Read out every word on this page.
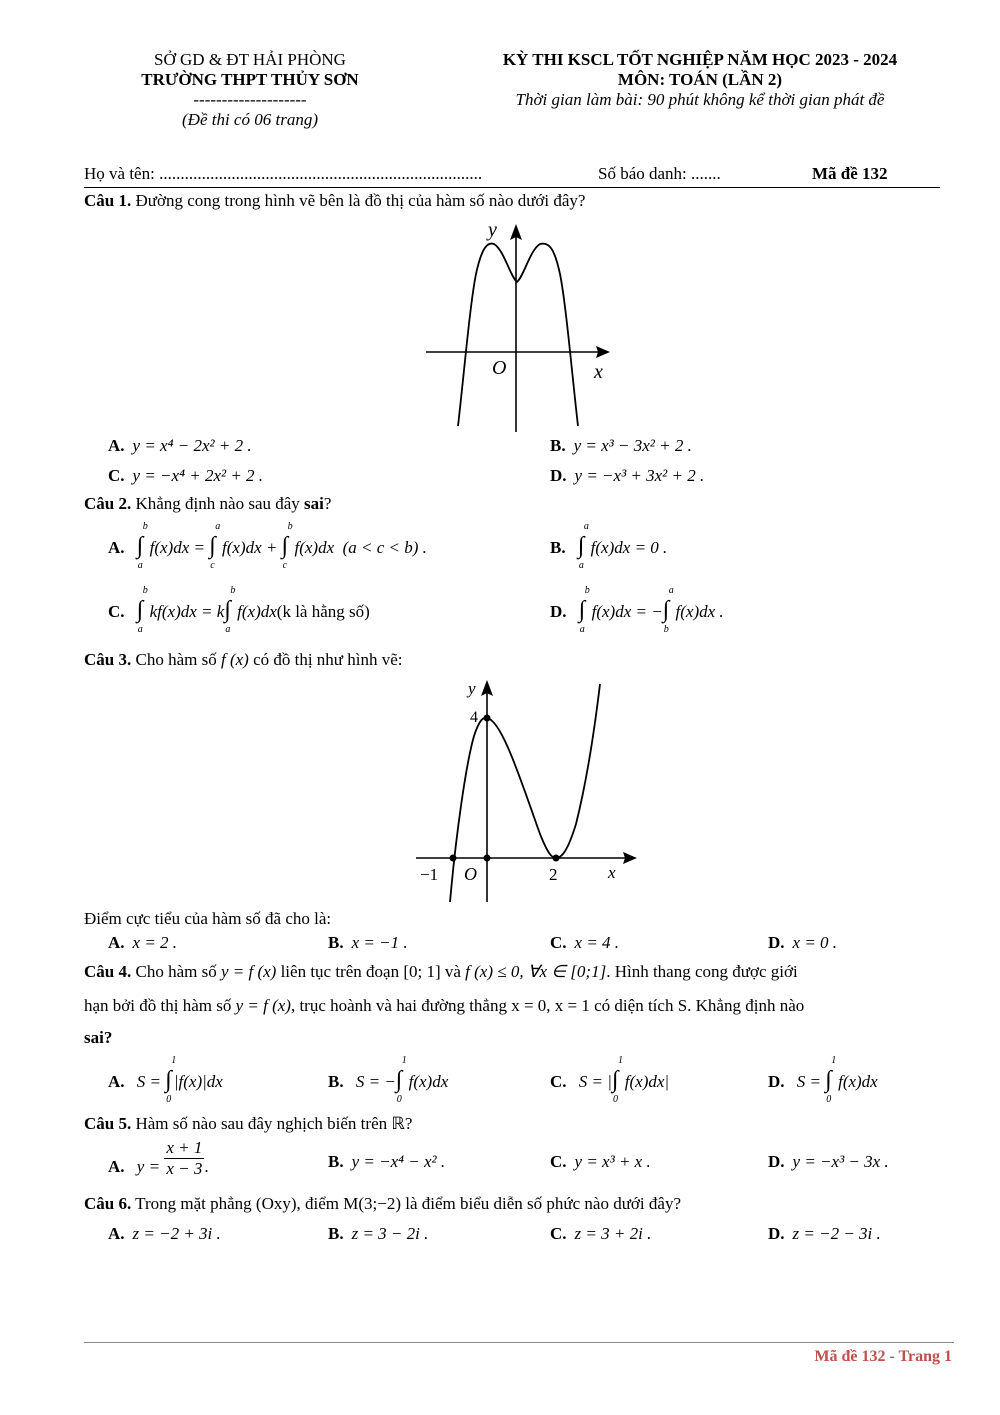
SỞ GD & ĐT HẢI PHÒNG
TRƯỜNG THPT THỦY SƠN
--------------------
(Đề thi có 06 trang)
KỲ THI KSCL TỐT NGHIỆP NĂM HỌC 2023 - 2024
MÔN: TOÁN (LẦN 2)
Thời gian làm bài: 90 phút không kể thời gian phát đề
Họ và tên: ............................................................................	Số báo danh: .......	Mã đề 132
Câu 1. Đường cong trong hình vẽ bên là đồ thị của hàm số nào dưới đây?
y
x
O
A. y = x⁴ − 2x² + 2 .	B. y = x³ − 3x² + 2 .
C. y = −x⁴ + 2x² + 2 .	D. y = −x³ + 3x² + 2 .
Câu 2. Khẳng định nào sau đây sai?
A. ∫
b
a
f(x)dx = ∫
a
c
f(x)dx + ∫
b
c
f(x)dx  (a < c < b) .	B. ∫
a
a
f(x)dx = 0 .
C. ∫
b
a
kf(x)dx = k∫
b
a
f(x)dx(k là hằng số)	D. ∫
b
a
f(x)dx = −∫
a
b
f(x)dx .
Câu 3. Cho hàm số f (x) có đồ thị như hình vẽ:
y
4
−1 O	2	x
Điểm cực tiểu của hàm số đã cho là:
A. x = 2 .	B. x = −1 .	C. x = 4 .	D. x = 0 .
Câu 4. Cho hàm số y = f (x) liên tục trên đoạn [0; 1] và f (x) ≤ 0, ∀x ∈ [0;1]. Hình thang cong được giới
hạn bởi đồ thị hàm số y = f (x), trục hoành và hai đường thẳng x = 0, x = 1 có diện tích S. Khẳng định nào
sai?
A. S = ∫
1
0
|f(x)|dx	B. S = −∫
1
0
f(x)dx	C. S = |∫
1
0
f(x)dx|	D. S = ∫
1
0
f(x)dx
Câu 5. Hàm số nào sau đây nghịch biến trên ℝ?
A. $y = \frac{x + 1}{x - 3}$ .	B. y = −x⁴ − x² .	C. y = x³ + x .	D. y = −x³ − 3x .
Câu 6. Trong mặt phẳng (Oxy), điểm M(3;−2) là điểm biểu diễn số phức nào dưới đây?
A. z = −2 + 3i .	B. z = 3 − 2i .	C. z = 3 + 2i .	D. z = −2 − 3i .
Mã đề 132 - Trang 1
